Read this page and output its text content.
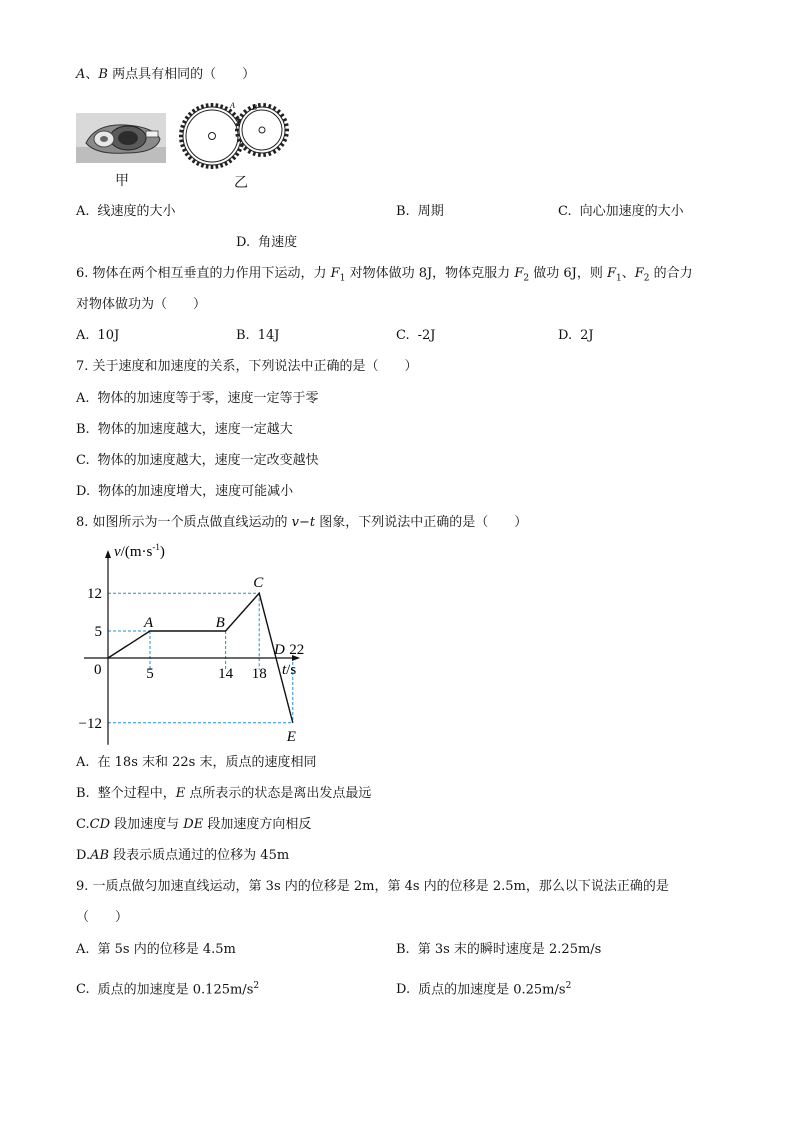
A、B 两点具有相同的（　　）
甲
A B
乙
A. 线速度的大小	B. 周期	C. 向心加速度的大小
D. 角速度
6. 物体在两个相互垂直的力作用下运动，力 $F_1$ 对物体做功 8J，物体克服力 $F_2$ 做功 6J，则 $F_1$、$F_2$ 的合力
对物体做功为（　　）
A. 10J	B. 14J	C. -2J	D. 2J
7. 关于速度和加速度的关系，下列说法中正确的是（　　）
A. 物体的加速度等于零，速度一定等于零
B. 物体的加速度越大，速度一定越大
C. 物体的加速度越大，速度一定改变越快
D. 物体的加速度增大，速度可能减小
8. 如图所示为一个质点做直线运动的 v−t 图象，下列说法中正确的是（　　）
$v/(m\cdot s^{-1})$
t/s
0
12
5
−12
5	14 18
22
A	B
C
D
E
A. 在 18s 末和 22s 末，质点的速度相同
B. 整个过程中，E 点所表示的状态是离出发点最远
C.CD 段加速度与 DE 段加速度方向相反
D.AB 段表示质点通过的位移为 45m
9. 一质点做匀加速直线运动，第 3s 内的位移是 2m，第 4s 内的位移是 2.5m，那么以下说法正确的是
（　　）
A. 第 5s 内的位移是 4.5m	B. 第 3s 末的瞬时速度是 2.25m/s
C. 质点的加速度是 $0.125m/s^2$	D. 质点的加速度是 $0.25m/s^2$
